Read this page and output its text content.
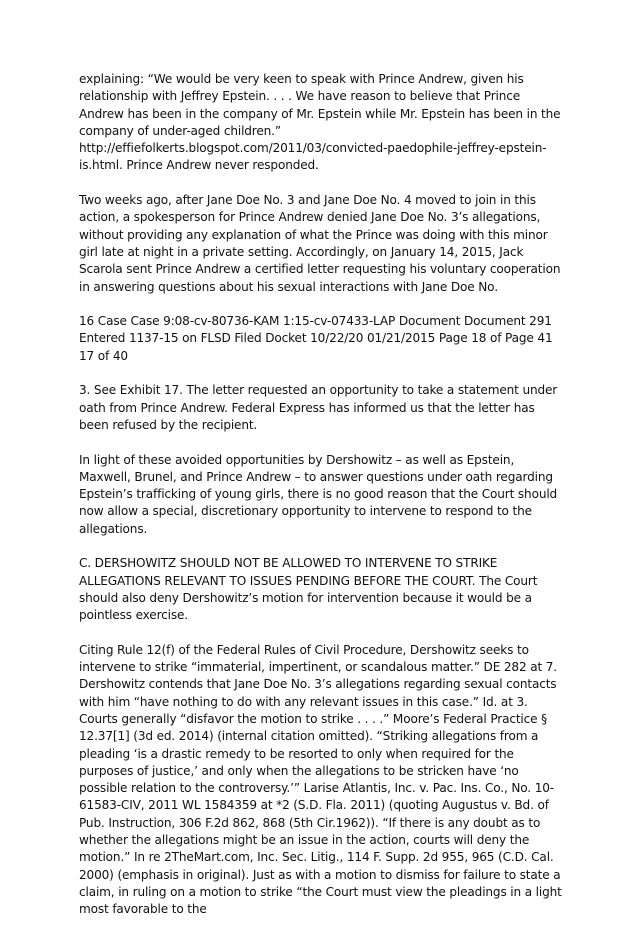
explaining: “We would be very keen to speak with Prince Andrew, given his relationship with Jeffrey Epstein. . . . We have reason to believe that Prince Andrew has been in the company of Mr. Epstein while Mr. Epstein has been in the company of under-aged children.” http://effiefolkerts.blogspot.com/2011/03/convicted-paedophile-jeffrey-epstein-is.html. Prince Andrew never responded.

Two weeks ago, after Jane Doe No. 3 and Jane Doe No. 4 moved to join in this action, a spokesperson for Prince Andrew denied Jane Doe No. 3’s allegations, without providing any explanation of what the Prince was doing with this minor girl late at night in a private setting. Accordingly, on January 14, 2015, Jack Scarola sent Prince Andrew a certified letter requesting his voluntary cooperation in answering questions about his sexual interactions with Jane Doe No.

16 Case Case 9:08-cv-80736-KAM 1:15-cv-07433-LAP Document Document 291 Entered 1137-15 on FLSD Filed Docket 10/22/20 01/21/2015 Page 18 of Page 41 17 of 40

3. See Exhibit 17. The letter requested an opportunity to take a statement under oath from Prince Andrew. Federal Express has informed us that the letter has been refused by the recipient.

In light of these avoided opportunities by Dershowitz – as well as Epstein, Maxwell, Brunel, and Prince Andrew – to answer questions under oath regarding Epstein’s trafficking of young girls, there is no good reason that the Court should now allow a special, discretionary opportunity to intervene to respond to the allegations.

C. DERSHOWITZ SHOULD NOT BE ALLOWED TO INTERVENE TO STRIKE ALLEGATIONS RELEVANT TO ISSUES PENDING BEFORE THE COURT. The Court should also deny Dershowitz’s motion for intervention because it would be a pointless exercise.

Citing Rule 12(f) of the Federal Rules of Civil Procedure, Dershowitz seeks to intervene to strike “immaterial, impertinent, or scandalous matter.” DE 282 at 7. Dershowitz contends that Jane Doe No. 3’s allegations regarding sexual contacts with him “have nothing to do with any relevant issues in this case.” Id. at 3. Courts generally “disfavor the motion to strike . . . .” Moore’s Federal Practice § 12.37[1] (3d ed. 2014) (internal citation omitted). “Striking allegations from a pleading ‘is a drastic remedy to be resorted to only when required for the purposes of justice,’ and only when the allegations to be stricken have ‘no possible relation to the controversy.’” Larise Atlantis, Inc. v. Pac. Ins. Co., No. 10-61583-CIV, 2011 WL 1584359 at *2 (S.D. Fla. 2011) (quoting Augustus v. Bd. of Pub. Instruction, 306 F.2d 862, 868 (5th Cir.1962)). “If there is any doubt as to whether the allegations might be an issue in the action, courts will deny the motion.” In re 2TheMart.com, Inc. Sec. Litig., 114 F. Supp. 2d 955, 965 (C.D. Cal. 2000) (emphasis in original). Just as with a motion to dismiss for failure to state a claim, in ruling on a motion to strike “the Court must view the pleadings in a light most favorable to the
